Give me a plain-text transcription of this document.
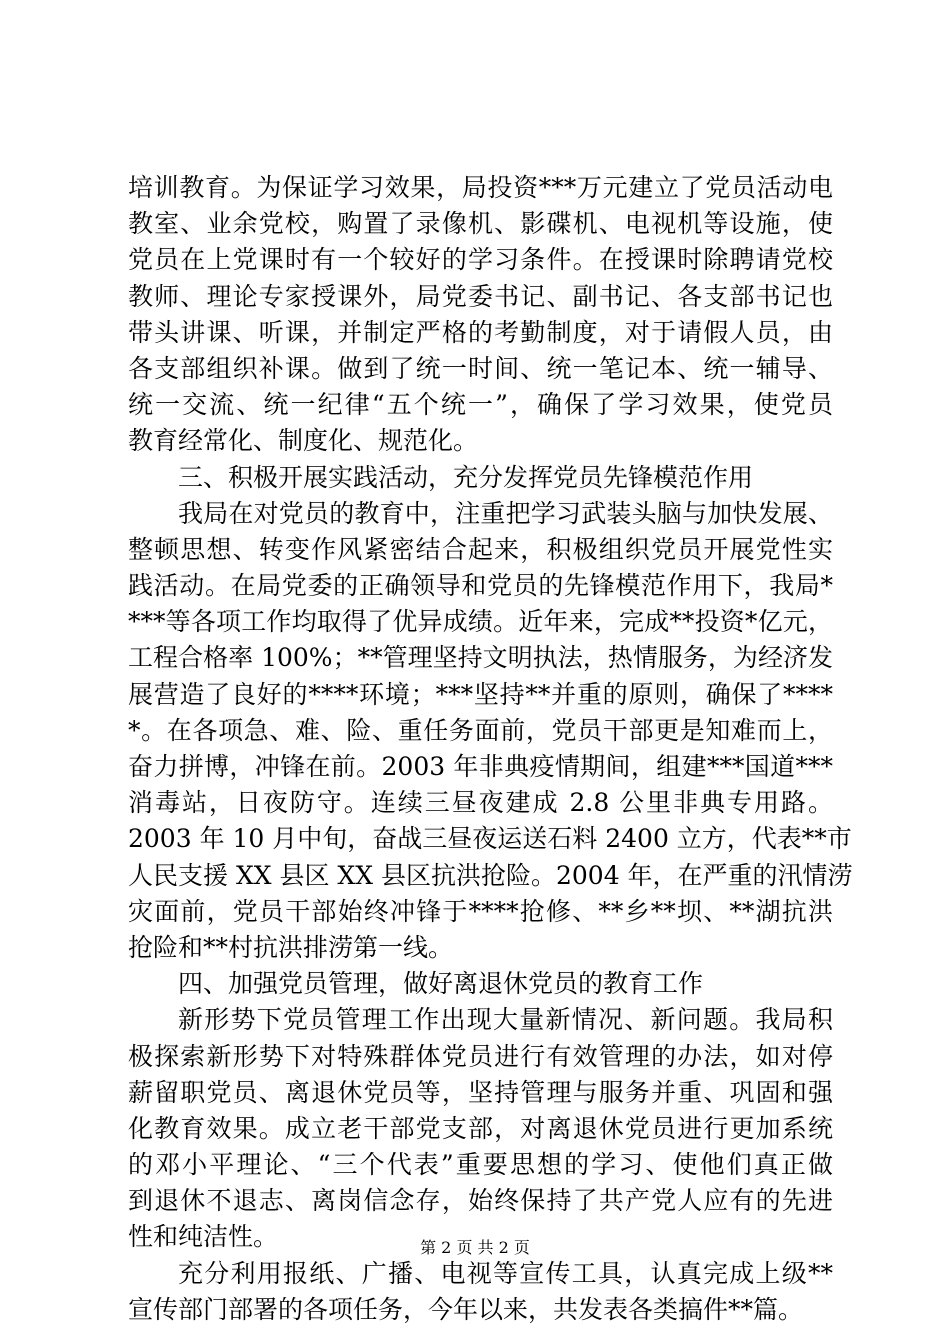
培训教育。为保证学习效果，局投资***万元建立了党员活动电
教室、业余党校，购置了录像机、影碟机、电视机等设施，使
党员在上党课时有一个较好的学习条件。在授课时除聘请党校
教师、理论专家授课外，局党委书记、副书记、各支部书记也
带头讲课、听课，并制定严格的考勤制度，对于请假人员，由
各支部组织补课。做到了统一时间、统一笔记本、统一辅导、
统一交流、统一纪律“五个统一”，确保了学习效果，使党员
教育经常化、制度化、规范化。
三、积极开展实践活动，充分发挥党员先锋模范作用
我局在对党员的教育中，注重把学习武装头脑与加快发展、
整顿思想、转变作风紧密结合起来，积极组织党员开展党性实
践活动。在局党委的正确领导和党员的先锋模范作用下，我局*
***等各项工作均取得了优异成绩。近年来，完成**投资*亿元，
工程合格率 100%；**管理坚持文明执法，热情服务，为经济发
展营造了良好的****环境；***坚持**并重的原则，确保了****
*。在各项急、难、险、重任务面前，党员干部更是知难而上，
奋力拼博，冲锋在前。2003 年非典疫情期间，组建***国道***
消毒站，日夜防守。连续三昼夜建成 2.8 公里非典专用路。
2003 年 10 月中旬，奋战三昼夜运送石料 2400 立方，代表**市
人民支援 XX 县区 XX 县区抗洪抢险。2004 年，在严重的汛情涝
灾面前，党员干部始终冲锋于****抢修、**乡**坝、**湖抗洪
抢险和**村抗洪排涝第一线。
四、加强党员管理，做好离退休党员的教育工作
新形势下党员管理工作出现大量新情况、新问题。我局积
极探索新形势下对特殊群体党员进行有效管理的办法，如对停
薪留职党员、离退休党员等，坚持管理与服务并重、巩固和强
化教育效果。成立老干部党支部，对离退休党员进行更加系统
的邓小平理论、“三个代表”重要思想的学习、使他们真正做
到退休不退志、离岗信念存，始终保持了共产党人应有的先进
性和纯洁性。
充分利用报纸、广播、电视等宣传工具，认真完成上级**
宣传部门部署的各项任务，今年以来，共发表各类搞件**篇。
第 2 页 共 2 页
